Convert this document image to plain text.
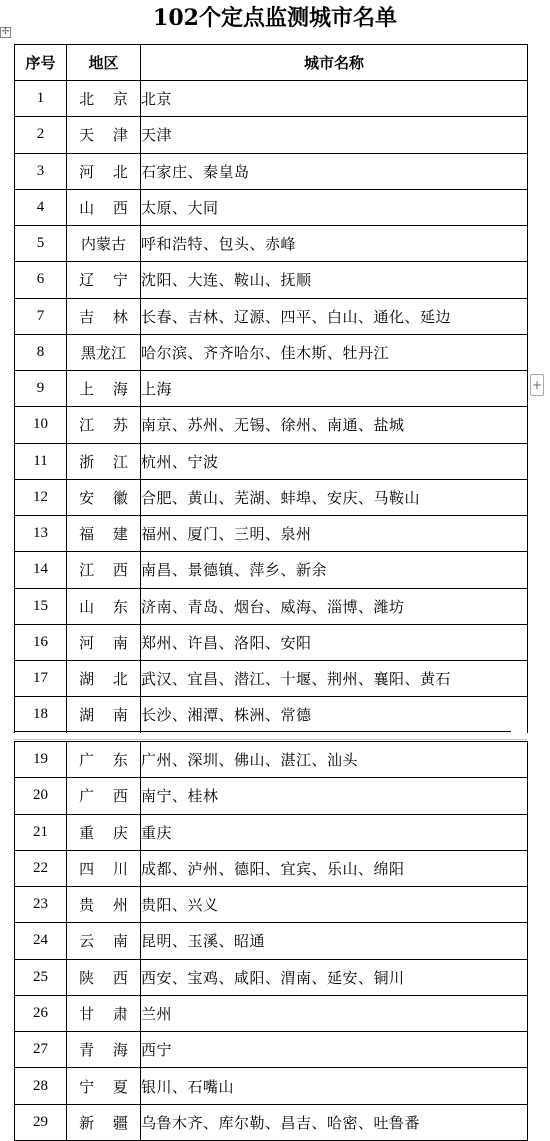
102个定点监测城市名单
✢
+
序号	地区	城市名称
1	北 京	北京
2	天 津	天津
3	河 北	石家庄、秦皇岛
4	山 西	太原、大同
5	内蒙古	呼和浩特、包头、赤峰
6	辽 宁	沈阳、大连、鞍山、抚顺
7	吉 林	长春、吉林、辽源、四平、白山、通化、延边
8	黑龙江	哈尔滨、齐齐哈尔、佳木斯、牡丹江
9	上 海	上海
10	江 苏	南京、苏州、无锡、徐州、南通、盐城
11	浙 江	杭州、宁波
12	安 徽	合肥、黄山、芜湖、蚌埠、安庆、马鞍山
13	福 建	福州、厦门、三明、泉州
14	江 西	南昌、景德镇、萍乡、新余
15	山 东	济南、青岛、烟台、威海、淄博、潍坊
16	河 南	郑州、许昌、洛阳、安阳
17	湖 北	武汉、宜昌、潜江、十堰、荆州、襄阳、黄石
18	湖 南	长沙、湘潭、株洲、常德
19	广 东	广州、深圳、佛山、湛江、汕头
20	广 西	南宁、桂林
21	重 庆	重庆
22	四 川	成都、泸州、德阳、宜宾、乐山、绵阳
23	贵 州	贵阳、兴义
24	云 南	昆明、玉溪、昭通
25	陕 西	西安、宝鸡、咸阳、渭南、延安、铜川
26	甘 肃	兰州
27	青 海	西宁
28	宁 夏	银川、石嘴山
29	新 疆	乌鲁木齐、库尔勒、昌吉、哈密、吐鲁番
